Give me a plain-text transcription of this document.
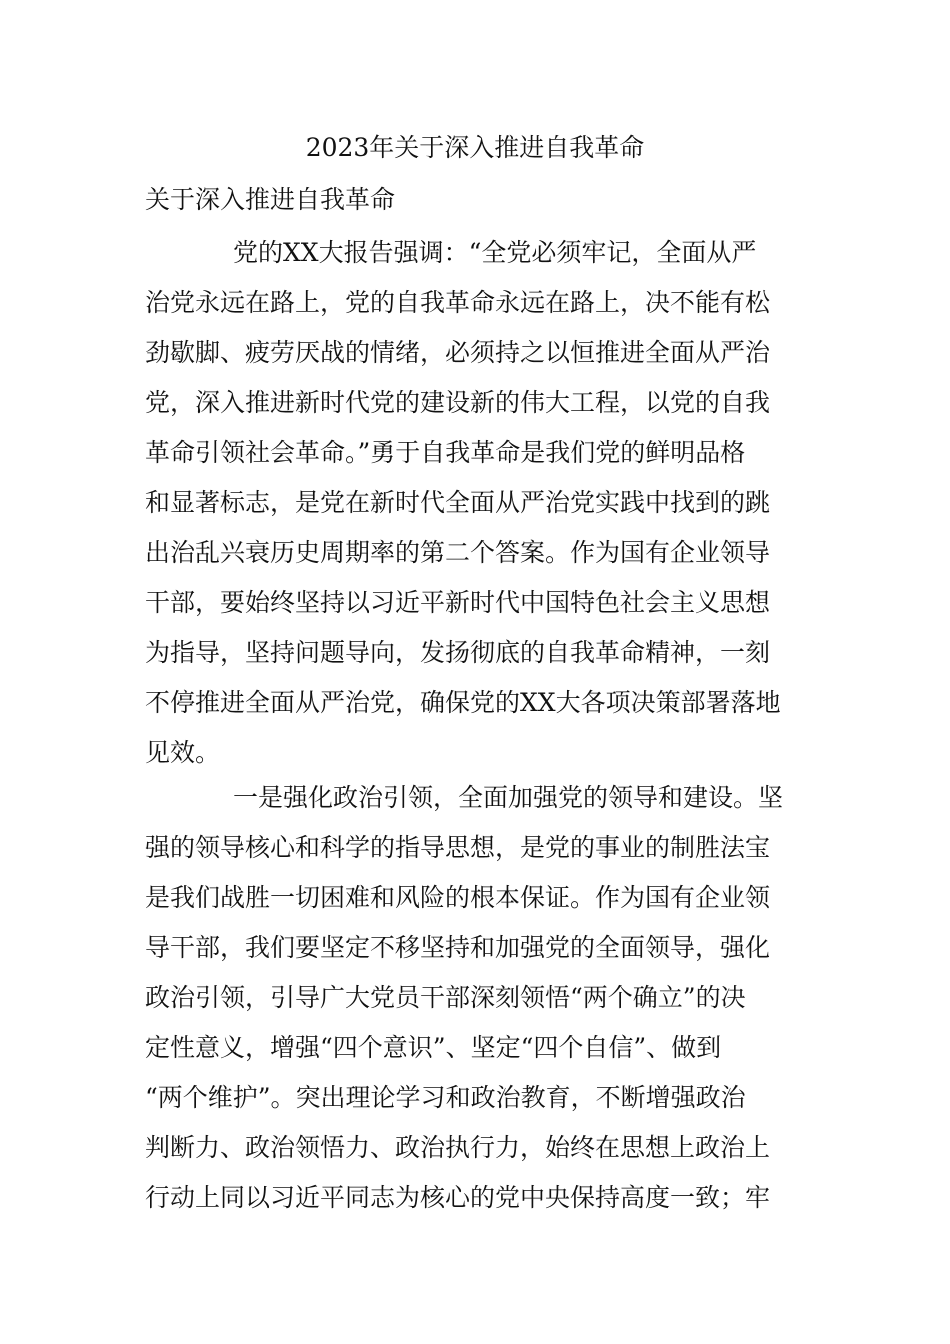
2023年关于深入推进自我革命
关于深入推进自我革命
党的XX大报告强调：“全党必须牢记，全面从严
治党永远在路上，党的自我革命永远在路上，决不能有松
劲歇脚、疲劳厌战的情绪，必须持之以恒推进全面从严治
党，深入推进新时代党的建设新的伟大工程，以党的自我
革命引领社会革命。”勇于自我革命是我们党的鲜明品格
和显著标志，是党在新时代全面从严治党实践中找到的跳
出治乱兴衰历史周期率的第二个答案。作为国有企业领导
干部，要始终坚持以习近平新时代中国特色社会主义思想
为指导，坚持问题导向，发扬彻底的自我革命精神，一刻
不停推进全面从严治党，确保党的XX大各项决策部署落地
见效。
一是强化政治引领，全面加强党的领导和建设。坚
强的领导核心和科学的指导思想，是党的事业的制胜法宝
是我们战胜一切困难和风险的根本保证。作为国有企业领
导干部，我们要坚定不移坚持和加强党的全面领导，强化
政治引领，引导广大党员干部深刻领悟“两个确立”的决
定性意义，增强“四个意识”、坚定“四个自信”、做到
“两个维护”。突出理论学习和政治教育，不断增强政治
判断力、政治领悟力、政治执行力，始终在思想上政治上
行动上同以习近平同志为核心的党中央保持高度一致；牢
